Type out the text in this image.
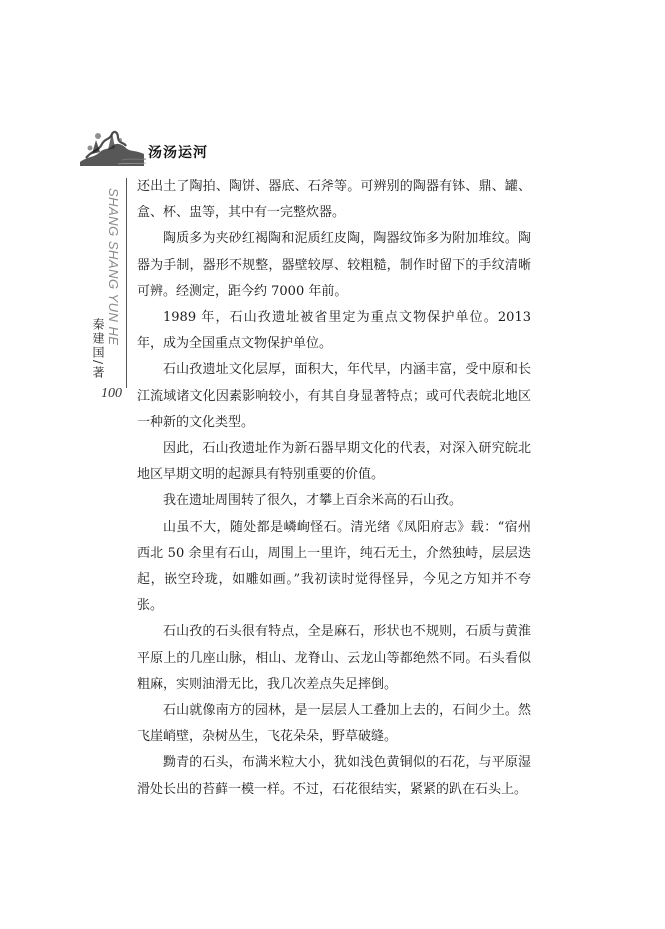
汤汤运河
SHANG SHANG YUN HE
秦建国/著
100

还出土了陶拍、陶饼、器底、石斧等。可辨别的陶器有钵、鼎、罐、盒、杯、盅等，其中有一完整炊器。

陶质多为夹砂红褐陶和泥质红皮陶，陶器纹饰多为附加堆纹。陶器为手制，器形不规整，器壁较厚、较粗糙，制作时留下的手纹清晰可辨。经测定，距今约 7000 年前。

1989 年，石山孜遗址被省里定为重点文物保护单位。2013 年，成为全国重点文物保护单位。

石山孜遗址文化层厚，面积大，年代早，内涵丰富，受中原和长江流域诸文化因素影响较小，有其自身显著特点；或可代表皖北地区一种新的文化类型。

因此，石山孜遗址作为新石器早期文化的代表，对深入研究皖北地区早期文明的起源具有特别重要的价值。

我在遗址周围转了很久，才攀上百余米高的石山孜。

山虽不大，随处都是嶙峋怪石。清光绪《凤阳府志》载：“宿州西北 50 余里有石山，周围上一里许，纯石无土，介然独峙，层层迭起，嵌空玲珑，如雕如画。”我初读时觉得怪异，今见之方知并不夸张。

石山孜的石头很有特点，全是麻石，形状也不规则，石质与黄淮平原上的几座山脉，相山、龙脊山、云龙山等都绝然不同。石头看似粗麻，实则油滑无比，我几次差点失足摔倒。

石山就像南方的园林，是一层层人工叠加上去的，石间少土。然飞崖峭壁，杂树丛生，飞花朵朵，野草破缝。

黝青的石头，布满米粒大小，犹如浅色黄铜似的石花，与平原湿滑处长出的苔藓一模一样。不过，石花很结实，紧紧的趴在石头上。
